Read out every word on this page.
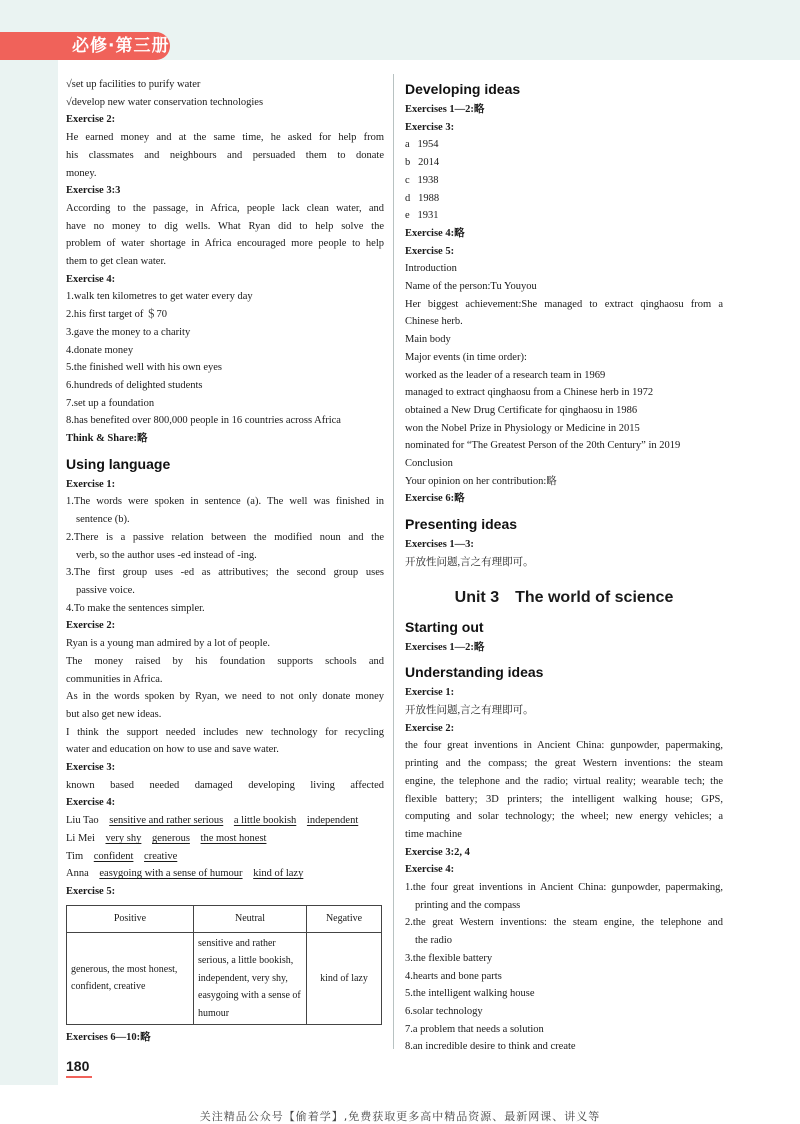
必修·第三册
√set up facilities to purify water
√develop new water conservation technologies
Exercise 2:
He earned money and at the same time, he asked for help from
his classmates and neighbours and persuaded them to donate
money.
Exercise 3:3
According to the passage, in Africa, people lack clean water, and
have no money to dig wells. What Ryan did to help solve the
problem of water shortage in Africa encouraged more people to help
them to get clean water.
Exercise 4:
1.walk ten kilometres to get water every day
2.his first target of ＄70
3.gave the money to a charity
4.donate money
5.the finished well with his own eyes
6.hundreds of delighted students
7.set up a foundation
8.has benefited over 800,000 people in 16 countries across Africa
Think & Share:略
Using language
Exercise 1:
1.The words were spoken in sentence (a). The well was finished in
sentence (b).
2.There is a passive relation between the modified noun and the
verb, so the author uses -ed instead of -ing.
3.The first group uses -ed as attributives; the second group uses
passive voice.
4.To make the sentences simpler.
Exercise 2:
Ryan is a young man admired by a lot of people.
The money raised by his foundation supports schools and
communities in Africa.
As in the words spoken by Ryan, we need to not only donate money
but also get new ideas.
I think the support needed includes new technology for recycling
water and education on how to use and save water.
Exercise 3:
known based needed damaged developing living affected
Exercise 4:
Liu Tao sensitive and rather serious a little bookish independent
Li Mei very shy generous the most honest
Tim confident creative
Anna easygoing with a sense of humour kind of lazy
Exercise 5:
Positive	Neutral	Negative
generous, the most honest, confident, creative	sensitive and rather serious, a little bookish, independent, very shy, easygoing with a sense of humour	kind of lazy
Exercises 6—10:略
Developing ideas
Exercises 1—2:略
Exercise 3:
a 1954
b 2014
c 1938
d 1988
e 1931
Exercise 4:略
Exercise 5:
Introduction
Name of the person:Tu Youyou
Her biggest achievement:She managed to extract qinghaosu from a
Chinese herb.
Main body
Major events (in time order):
worked as the leader of a research team in 1969
managed to extract qinghaosu from a Chinese herb in 1972
obtained a New Drug Certificate for qinghaosu in 1986
won the Nobel Prize in Physiology or Medicine in 2015
nominated for “The Greatest Person of the 20th Century” in 2019
Conclusion
Your opinion on her contribution:略
Exercise 6:略
Presenting ideas
Exercises 1—3:
开放性问题,言之有理即可。
Unit 3 The world of science
Starting out
Exercises 1—2:略
Understanding ideas
Exercise 1:
开放性问题,言之有理即可。
Exercise 2:
the four great inventions in Ancient China: gunpowder, papermaking,
printing and the compass; the great Western inventions: the steam
engine, the telephone and the radio; virtual reality; wearable tech; the
flexible battery; 3D printers; the intelligent walking house; GPS,
computing and solar technology; the wheel; new energy vehicles; a
time machine
Exercise 3:2, 4
Exercise 4:
1.the four great inventions in Ancient China: gunpowder, papermaking,
printing and the compass
2.the great Western inventions: the steam engine, the telephone and
the radio
3.the flexible battery
4.hearts and bone parts
5.the intelligent walking house
6.solar technology
7.a problem that needs a solution
8.an incredible desire to think and create
180
关注精品公众号【偷着学】,免费获取更多高中精品资源、最新网课、讲义等
